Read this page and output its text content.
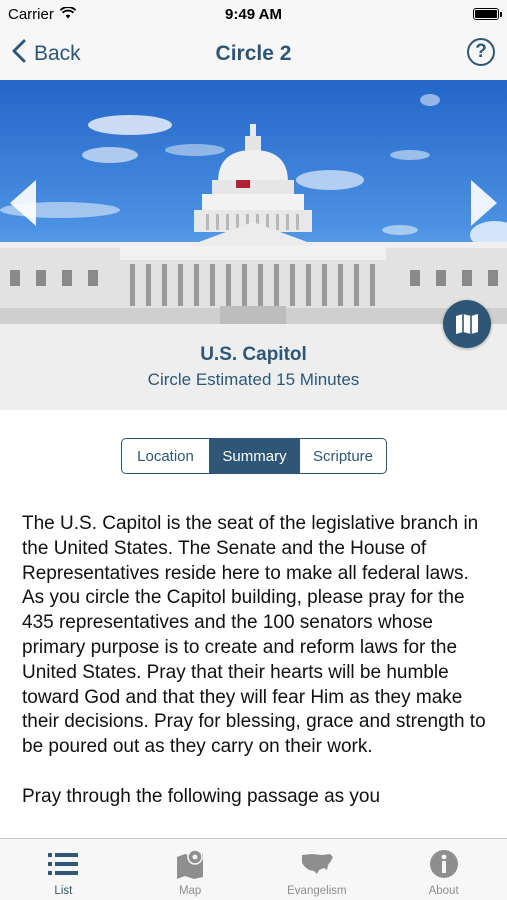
Carrier	9:49 AM
Back	Circle 2	?
U.S. Capitol
Circle Estimated 15 Minutes
Location	Summary	Scripture

The U.S. Capitol is the seat of the legislative branch in the United States. The Senate and the House of Representatives reside here to make all federal laws. As you circle the Capitol building, please pray for the 435 representatives and the 100 senators whose primary purpose is to create and reform laws for the United States. Pray that their hearts will be humble toward God and that they will fear Him as they make their decisions. Pray for blessing, grace and strength to be poured out as they carry on their work.

Pray through the following passage as you

List	Map	Evangelism	About
